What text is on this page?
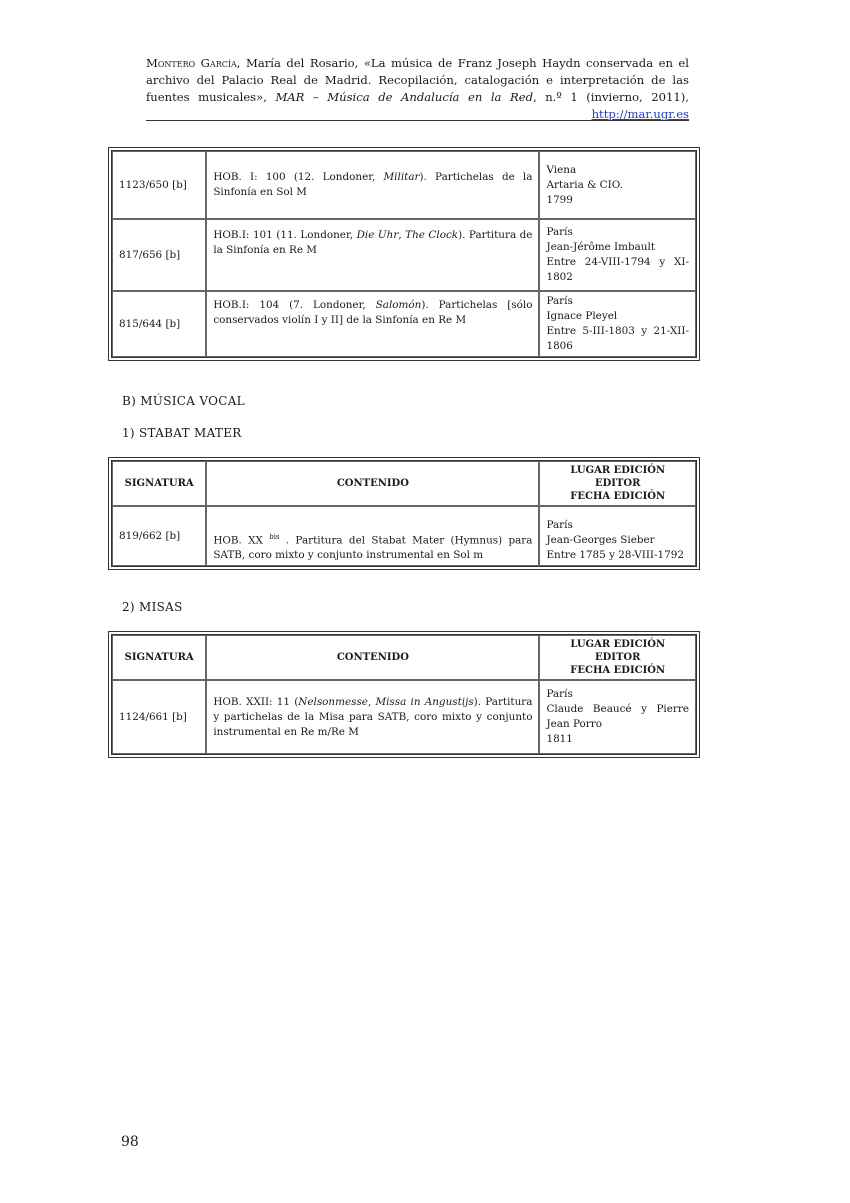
Montero García, María del Rosario, «La música de Franz Joseph Haydn conservada en el archivo del Palacio Real de Madrid. Recopilación, catalogación e interpretación de las fuentes musicales», MAR – Música de Andalucía en la Red, n.º 1 (invierno, 2011), http://mar.ugr.es
1123/650 [b]	HOB. I: 100 (12. Londoner, Militar). Partichelas de la Sinfonía en Sol M	Viena
Artaria & CIO.
1799

817/656 [b]	HOB.I: 101 (11. Londoner, Die Uhr, The Clock). Partitura de la Sinfonía en Re M	París
Jean-Jérôme Imbault
Entre 24-VIII-1794 y XI-1802

815/644 [b]	HOB.I: 104 (7. Londoner, Salomón). Partichelas [sólo conservados violín I y II] de la Sinfonía en Re M	París
Ignace Pleyel
Entre 5-III-1803 y 21-XII-1806
B) MÚSICA VOCAL
1) STABAT MATER
SIGNATURA	CONTENIDO	LUGAR EDICIÓN
EDITOR
FECHA EDICIÓN

819/662 [b]	HOB. XX $^{bis}$ . Partitura del Stabat Mater (Hymnus) para SATB, coro mixto y conjunto instrumental en Sol m	París
Jean-Georges Sieber
Entre 1785 y 28-VIII-1792
2) MISAS
SIGNATURA	CONTENIDO	LUGAR EDICIÓN
EDITOR
FECHA EDICIÓN

1124/661 [b]	HOB. XXII: 11 (Nelsonmesse, Missa in Angustijs). Partitura y partichelas de la Misa para SATB, coro mixto y conjunto instrumental en Re m/Re M	París
Claude Beaucé y Pierre Jean Porro
1811
98
